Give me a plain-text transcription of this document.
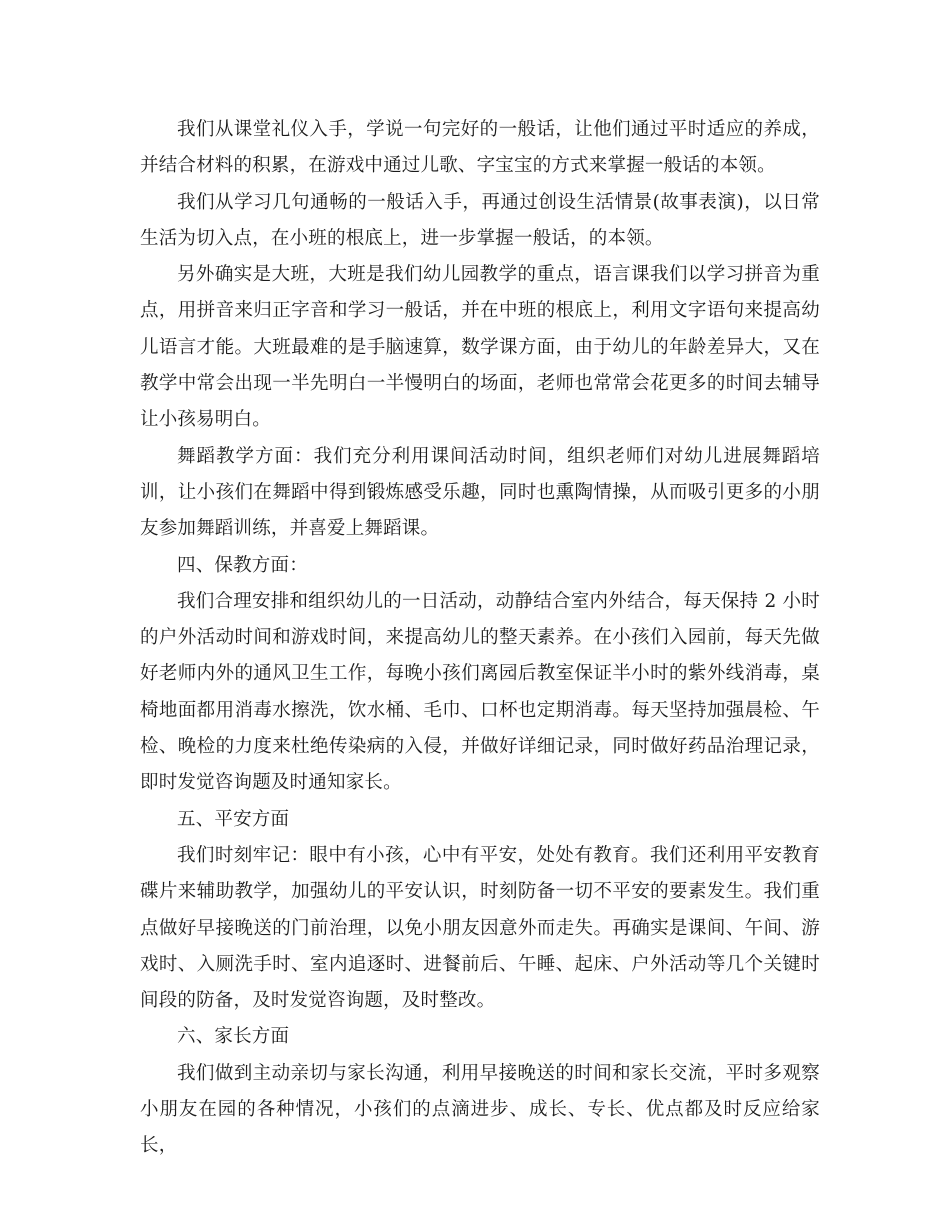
我们从课堂礼仪入手，学说一句完好的一般话，让他们通过平时适应的养成，并结合材料的积累，在游戏中通过儿歌、字宝宝的方式来掌握一般话的本领。

我们从学习几句通畅的一般话入手，再通过创设生活情景(故事表演)，以日常生活为切入点，在小班的根底上，进一步掌握一般话，的本领。

另外确实是大班，大班是我们幼儿园教学的重点，语言课我们以学习拼音为重点，用拼音来归正字音和学习一般话，并在中班的根底上，利用文字语句来提高幼儿语言才能。大班最难的是手脑速算，数学课方面，由于幼儿的年龄差异大，又在教学中常会出现一半先明白一半慢明白的场面，老师也常常会花更多的时间去辅导让小孩易明白。

舞蹈教学方面：我们充分利用课间活动时间，组织老师们对幼儿进展舞蹈培训，让小孩们在舞蹈中得到锻炼感受乐趣，同时也熏陶情操，从而吸引更多的小朋友参加舞蹈训练，并喜爱上舞蹈课。

四、保教方面：

我们合理安排和组织幼儿的一日活动，动静结合室内外结合，每天保持 2 小时的户外活动时间和游戏时间，来提高幼儿的整天素养。在小孩们入园前，每天先做好老师内外的通风卫生工作，每晚小孩们离园后教室保证半小时的紫外线消毒，桌椅地面都用消毒水擦洗，饮水桶、毛巾、口杯也定期消毒。每天坚持加强晨检、午检、晚检的力度来杜绝传染病的入侵，并做好详细记录，同时做好药品治理记录，即时发觉咨询题及时通知家长。

五、平安方面

我们时刻牢记：眼中有小孩，心中有平安，处处有教育。我们还利用平安教育碟片来辅助教学，加强幼儿的平安认识，时刻防备一切不平安的要素发生。我们重点做好早接晚送的门前治理，以免小朋友因意外而走失。再确实是课间、午间、游戏时、入厕洗手时、室内追逐时、进餐前后、午睡、起床、户外活动等几个关键时间段的防备，及时发觉咨询题，及时整改。

六、家长方面

我们做到主动亲切与家长沟通，利用早接晚送的时间和家长交流，平时多观察小朋友在园的各种情况，小孩们的点滴进步、成长、专长、优点都及时反应给家长，
